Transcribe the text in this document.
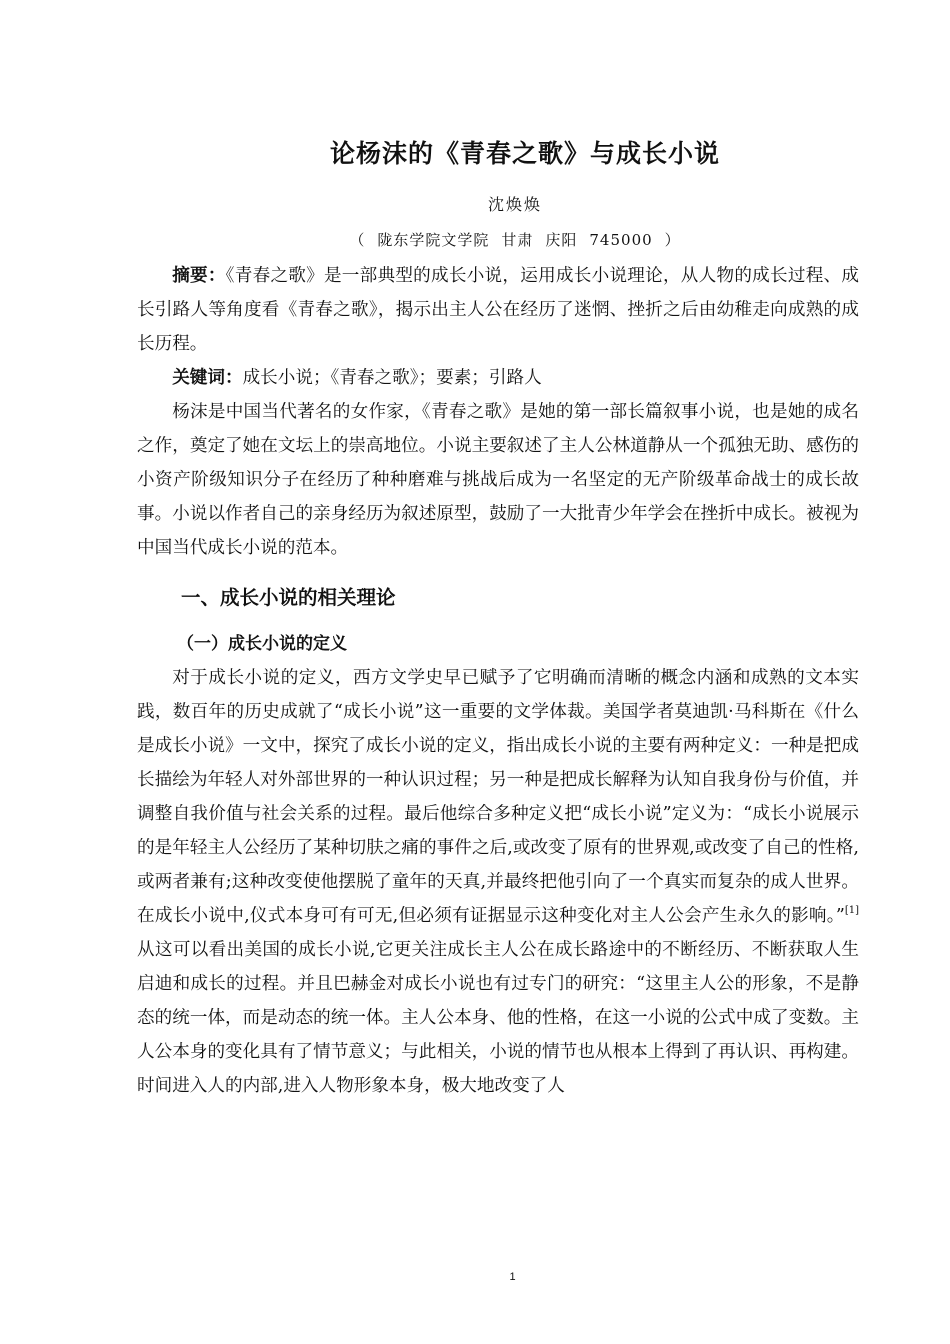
论杨沫的《青春之歌》与成长小说
沈焕焕
（ 陇东学院文学院 甘肃 庆阳 745000 ）

摘要：《青春之歌》是一部典型的成长小说，运用成长小说理论，从人物的成长过程、成长引路人等角度看《青春之歌》，揭示出主人公在经历了迷惘、挫折之后由幼稚走向成熟的成长历程。

关键词：成长小说；《青春之歌》；要素；引路人

杨沫是中国当代著名的女作家，《青春之歌》是她的第一部长篇叙事小说，也是她的成名之作，奠定了她在文坛上的崇高地位。小说主要叙述了主人公林道静从一个孤独无助、感伤的小资产阶级知识分子在经历了种种磨难与挑战后成为一名坚定的无产阶级革命战士的成长故事。小说以作者自己的亲身经历为叙述原型，鼓励了一大批青少年学会在挫折中成长。被视为中国当代成长小说的范本。

一、成长小说的相关理论
（一）成长小说的定义

对于成长小说的定义，西方文学史早已赋予了它明确而清晰的概念内涵和成熟的文本实践，数百年的历史成就了“成长小说”这一重要的文学体裁。美国学者莫迪凯·马科斯在《什么是成长小说》一文中，探究了成长小说的定义，指出成长小说的主要有两种定义：一种是把成长描绘为年轻人对外部世界的一种认识过程；另一种是把成长解释为认知自我身份与价值，并调整自我价值与社会关系的过程。最后他综合多种定义把“成长小说”定义为：“成长小说展示的是年轻主人公经历了某种切肤之痛的事件之后,或改变了原有的世界观,或改变了自己的性格,或两者兼有;这种改变使他摆脱了童年的天真,并最终把他引向了一个真实而复杂的成人世界。在成长小说中,仪式本身可有可无,但必须有证据显示这种变化对主人公会产生永久的影响。”[1]从这可以看出美国的成长小说,它更关注成长主人公在成长路途中的不断经历、不断获取人生启迪和成长的过程。并且巴赫金对成长小说也有过专门的研究：“这里主人公的形象，不是静态的统一体，而是动态的统一体。主人公本身、他的性格，在这一小说的公式中成了变数。主人公本身的变化具有了情节意义；与此相关，小说的情节也从根本上得到了再认识、再构建。时间进入人的内部,进入人物形象本身，极大地改变了人

1
